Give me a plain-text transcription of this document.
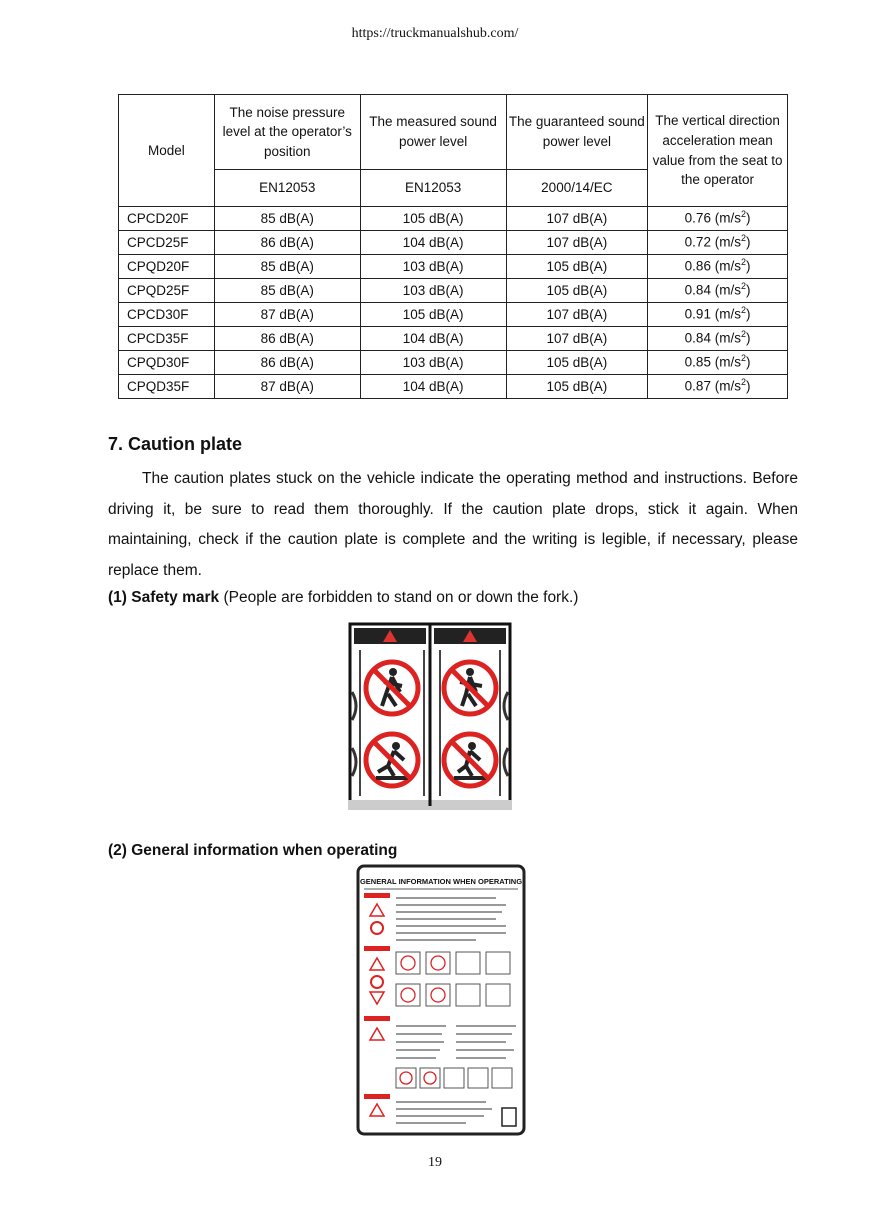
https://truckmanualshub.com/
Model	The noise pressure level at the operator’s position	The measured sound power level	The guaranteed sound power level	The vertical direction acceleration mean value from the seat to the operator
	EN12053	EN12053	2000/14/EC	
CPCD20F	85 dB(A)	105 dB(A)	107 dB(A)	0.76 $(m/s^2)$
CPCD25F	86 dB(A)	104 dB(A)	107 dB(A)	0.72 $(m/s^2)$
CPQD20F	85 dB(A)	103 dB(A)	105 dB(A)	0.86 $(m/s^2)$
CPQD25F	85 dB(A)	103 dB(A)	105 dB(A)	0.84 $(m/s^2)$
CPCD30F	87 dB(A)	105 dB(A)	107 dB(A)	0.91 $(m/s^2)$
CPCD35F	86 dB(A)	104 dB(A)	107 dB(A)	0.84 $(m/s^2)$
CPQD30F	86 dB(A)	103 dB(A)	105 dB(A)	0.85 $(m/s^2)$
CPQD35F	87 dB(A)	104 dB(A)	105 dB(A)	0.87 $(m/s^2)$
7. Caution plate
The caution plates stuck on the vehicle indicate the operating method and instructions. Before driving it, be sure to read them thoroughly. If the caution plate drops, stick it again. When maintaining, check if the caution plate is complete and the writing is legible, if necessary, please replace them.
(1) Safety mark (People are forbidden to stand on or down the fork.)
(2) General information when operating
GENERAL INFORMATION WHEN OPERATING
19
